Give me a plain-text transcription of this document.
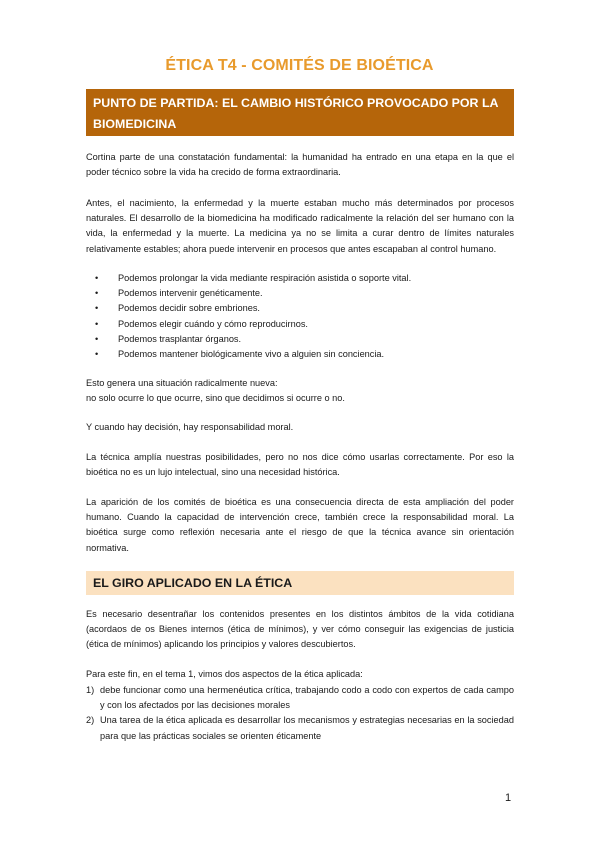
ÉTICA T4 - COMITÉS DE BIOÉTICA
PUNTO DE PARTIDA: EL CAMBIO HISTÓRICO PROVOCADO POR LA BIOMEDICINA

Cortina parte de una constatación fundamental: la humanidad ha entrado en una etapa en la que el poder técnico sobre la vida ha crecido de forma extraordinaria.

Antes, el nacimiento, la enfermedad y la muerte estaban mucho más determinados por procesos naturales. El desarrollo de la biomedicina ha modificado radicalmente la relación del ser humano con la vida, la enfermedad y la muerte. La medicina ya no se limita a curar dentro de límites naturales relativamente estables; ahora puede intervenir en procesos que antes escapaban al control humano.

• Podemos prolongar la vida mediante respiración asistida o soporte vital.
• Podemos intervenir genéticamente.
• Podemos decidir sobre embriones.
• Podemos elegir cuándo y cómo reproducirnos.
• Podemos trasplantar órganos.
• Podemos mantener biológicamente vivo a alguien sin conciencia.

Esto genera una situación radicalmente nueva:

no solo ocurre lo que ocurre, sino que decidimos si ocurre o no.

Y cuando hay decisión, hay responsabilidad moral.

La técnica amplía nuestras posibilidades, pero no nos dice cómo usarlas correctamente. Por eso la bioética no es un lujo intelectual, sino una necesidad histórica.

La aparición de los comités de bioética es una consecuencia directa de esta ampliación del poder humano. Cuando la capacidad de intervención crece, también crece la responsabilidad moral. La bioética surge como reflexión necesaria ante el riesgo de que la técnica avance sin orientación normativa.

EL GIRO APLICADO EN LA ÉTICA

Es necesario desentrañar los contenidos presentes en los distintos ámbitos de la vida cotidiana (acordaos de os Bienes internos (ética de mínimos), y ver cómo conseguir las exigencias de justicia (ética de mínimos) aplicando los principios y valores descubiertos.

Para este fin, en el tema 1, vimos dos aspectos de la ética aplicada:

1) debe funcionar como una hermenéutica crítica, trabajando codo a codo con expertos de cada campo y con los afectados por las decisiones morales
2) Una tarea de la ética aplicada es desarrollar los mecanismos y estrategias necesarias en la sociedad para que las prácticas sociales se orienten éticamente
1
